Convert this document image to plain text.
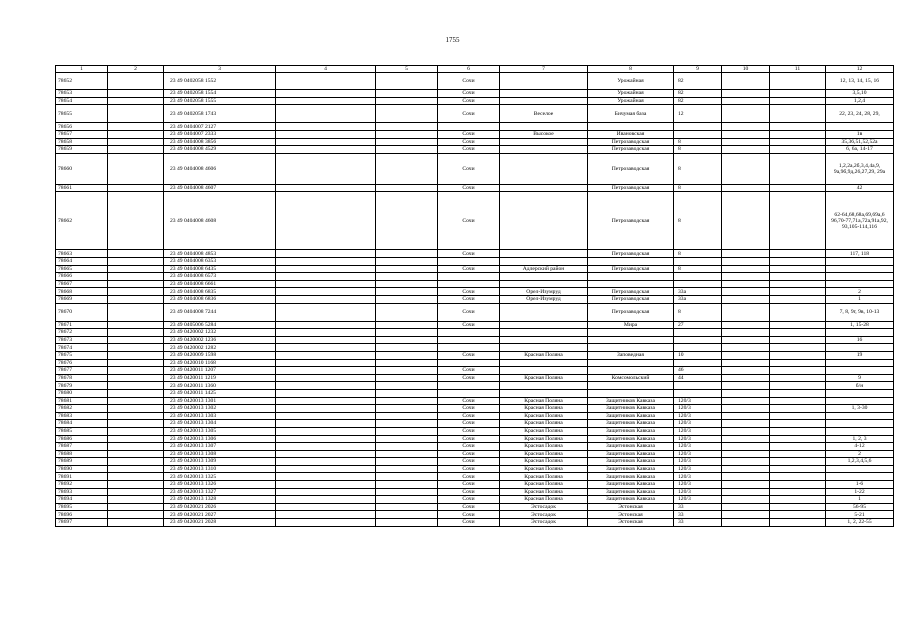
1755
1	2	3	4	5	6	7	8	9	10	11	12
78652		23 49 0402058 1552			Сочи		Урожайная	82			12, 13, 14, 15, 16
78653		23 49 0402058 1554			Сочи		Урожайная	82			3,5,10
78654		23 49 0402058 1555			Сочи		Урожайная	82			1,2,4
78655		23 49 0402058 1743			Сочи	Веселое	Бичумая база	12			22, 23, 24, 28, 29,
78656		23 49 0404007 2127									
78657		23 49 0404007 2333			Сочи	Высокое	Ивановская				1в
78658		23 49 0404008 3856			Сочи		Петрозаводская	8			35,36,51,52,52а
78659		23 49 0404008 4529			Сочи		Петрозаводская	8			6, 6а, 14-17
78660		23 49 0404008 4606			Сочи		Петрозаводская	8			1,2,2а,2б,3,4,4а,9, 9а,9б,9д,26,27,29, 29а
78661		23 49 0404008 4607			Сочи		Петрозаводская	8			42
78662		23 49 0404008 4608			Сочи		Петрозаводская	8			62-64,68,68а,69,69а,6 96,70-77,71а,72а,91а,92, 93,105-114,116
78663		23 49 0404008 4853			Сочи		Петрозаводская	8			117, 118
78664		23 49 0404008 6353									
78665		23 49 0404008 6435			Сочи	Адлерский район	Петрозаводская	8			
78666		23 49 0404008 6573									
78667		23 49 0404008 6661									
78668		23 49 0404008 6835			Сочи	Орел-Изумруд	Петрозаводская	33а			2
78669		23 49 0404008 6836			Сочи	Орел-Изумруд	Петрозаводская	33а			1
78670		23 49 0404008 7244			Сочи		Петрозаводская	8			7, 8, 9г, 9в, 10-13
78671		23 49 0405006 5284			Сочи		Мира	27			1, 15-28
78672		23 49 0420002 1232									
78673		23 49 0420002 1236									16
78674		23 49 0420002 1282									
78675		23 49 0420009 1598			Сочи	Красная Поляна	Заповедная	10			19
78676		23 49 0420010 1168									
78677		23 49 0420011 1207			Сочи			46			
78678		23 49 0420011 1219			Сочи	Красная Поляна	Комсомольский	44			9
78679		23 49 0420011 1360									б/н
78680		23 49 0420011 1425									
78681		23 49 0420013 1301			Сочи	Красная Поляна	Защитников Кавказа	120/3			
78682		23 49 0420013 1302			Сочи	Красная Поляна	Защитников Кавказа	120/3			1, 3-30
78683		23 49 0420013 1303			Сочи	Красная Поляна	Защитников Кавказа	120/3			
78684		23 49 0420013 1304			Сочи	Красная Поляна	Защитников Кавказа	120/3			
78685		23 49 0420013 1305			Сочи	Красная Поляна	Защитников Кавказа	120/3			
78686		23 49 0420013 1306			Сочи	Красная Поляна	Защитников Кавказа	120/3			1, 2, 3
78687		23 49 0420013 1307			Сочи	Красная Поляна	Защитников Кавказа	120/3			4-12
78688		23 49 0420013 1308			Сочи	Красная Поляна	Защитников Кавказа	120/3			2
78689		23 49 0420013 1309			Сочи	Красная Поляна	Защитников Кавказа	120/3			1,2,3,4,5,6
78690		23 49 0420013 1310			Сочи	Красная Поляна	Защитников Кавказа	120/3			
78691		23 49 0420013 1325			Сочи	Красная Поляна	Защитников Кавказа	120/3			
78692		23 49 0420013 1326			Сочи	Красная Поляна	Защитников Кавказа	120/3			1-6
78693		23 49 0420013 1327			Сочи	Красная Поляна	Защитников Кавказа	120/3			1-22
78694		23 49 0420013 1328			Сочи	Красная Поляна	Защитников Кавказа	120/3			1
78695		23 49 0420021 2026			Сочи	Эстосадок	Эстонская	33			56-95
78696		23 49 0420021 2027			Сочи	Эстосадок	Эстонская	33			5-21
78697		23 49 0420021 2028			Сочи	Эстосадок	Эстонская	33			1, 2, 22-55
